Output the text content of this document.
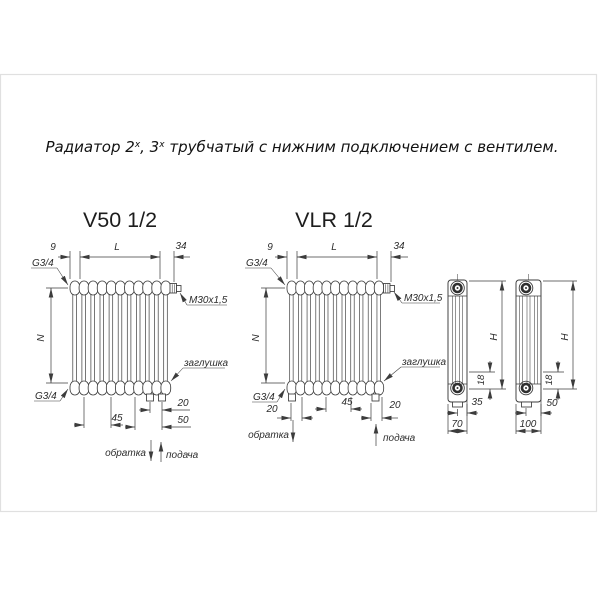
Радиатор $2^х$, $3^х$ трубчатый с нижним подключением с вентилем.
V50 1/2
9	L	34
G3/4
M30x1,5
N
заглушка
G3/4
45
20
50
обратка подача
VLR 1/2
9	L	34
G3/4
M30x1,5
N
заглушка
G3/4
20
45	20
обратка	подача
H
18
35
70
H
18
50
100
